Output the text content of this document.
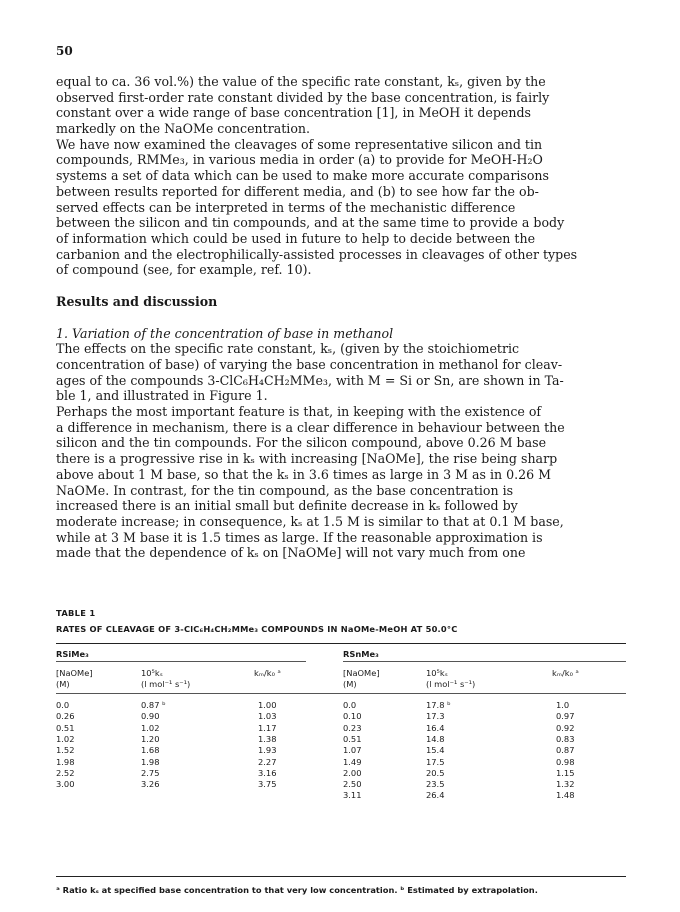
50
equal to ca. 36 vol.%) the value of the specific rate constant, kₛ, given by the
observed first-order rate constant divided by the base concentration, is fairly
constant over a wide range of base concentration [1], in MeOH it depends
markedly on the NaOMe concentration.
We have now examined the cleavages of some representative silicon and tin
compounds, RMMe₃, in various media in order (a) to provide for MeOH-H₂O
systems a set of data which can be used to make more accurate comparisons
between results reported for different media, and (b) to see how far the ob-
served effects can be interpreted in terms of the mechanistic difference
between the silicon and tin compounds, and at the same time to provide a body
of information which could be used in future to help to decide between the
carbanion and the electrophilically-assisted processes in cleavages of other types
of compound (see, for example, ref. 10).
Results and discussion
1. Variation of the concentration of base in methanol
The effects on the specific rate constant, kₛ, (given by the stoichiometric
concentration of base) of varying the base concentration in methanol for cleav-
ages of the compounds 3-ClC₆H₄CH₂MMe₃, with M = Si or Sn, are shown in Ta-
ble 1, and illustrated in Figure 1.
Perhaps the most important feature is that, in keeping with the existence of
a difference in mechanism, there is a clear difference in behaviour between the
silicon and the tin compounds. For the silicon compound, above 0.26 M base
there is a progressive rise in kₛ with increasing [NaOMe], the rise being sharp
above about 1 M base, so that the kₛ in 3.6 times as large in 3 M as in 0.26 M
NaOMe. In contrast, for the tin compound, as the base concentration is
increased there is an initial small but definite decrease in kₛ followed by
moderate increase; in consequence, kₛ at 1.5 M is similar to that at 0.1 M base,
while at 3 M base it is 1.5 times as large. If the reasonable approximation is
made that the dependence of kₛ on [NaOMe] will not vary much from one
TABLE 1
RATES OF CLEAVAGE OF 3-ClC₆H₄CH₂MMe₃ COMPOUNDS IN NaOMe-MeOH AT 50.0°C
RSiMe₃	RSnMe₃
[NaOMe]
(M)
10⁵kₛ
(l mol⁻¹ s⁻¹)
kₘ/k₀ ᵃ	[NaOMe]
(M)
10⁵kₛ
(l mol⁻¹ s⁻¹)
kₘ/k₀ ᵃ
0.0	0.87 ᵇ	1.00
0.26	0.90	1.03
0.51	1.02	1.17
1.02	1.20	1.38
1.52	1.68	1.93
1.98	1.98	2.27
2.52	2.75	3.16
3.00	3.26	3.75
0.0	17.8 ᵇ	1.0
0.10	17.3	0.97
0.23	16.4	0.92
0.51	14.8	0.83
1.07	15.4	0.87
1.49	17.5	0.98
2.00	20.5	1.15
2.50	23.5	1.32
3.11	26.4	1.48
ᵃ Ratio kₛ at specified base concentration to that very low concentration. ᵇ Estimated by extrapolation.
